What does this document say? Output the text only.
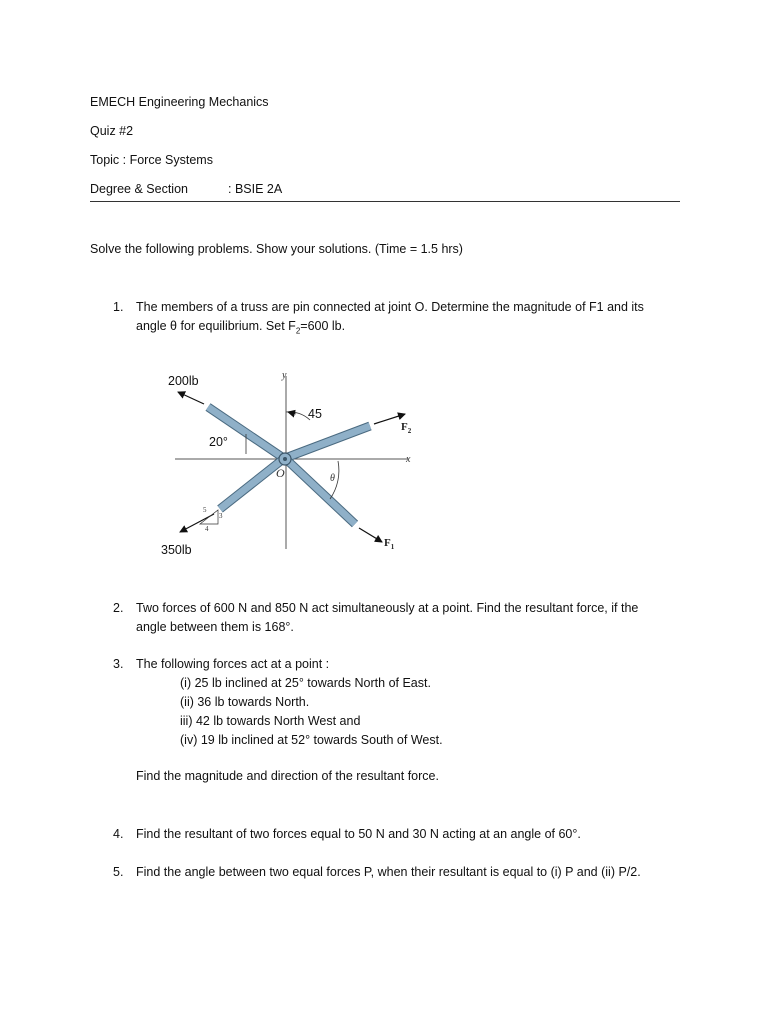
EMECH Engineering Mechanics
Quiz #2
Topic : Force Systems
Degree & Section	: BSIE 2A
Solve the following problems. Show your solutions. (Time = 1.5 hrs)
1. The members of a truss are pin connected at joint O. Determine the magnitude of F1 and its
angle θ for equilibrium. Set $F_2=600$ lb.
200lb
350lb
45
20°
y
x
O	θ
$F_2$
$F_1$
5
4
3
2. Two forces of 600 N and 850 N act simultaneously at a point. Find the resultant force, if the
angle between them is 168°.
3. The following forces act at a point :
(i) 25 lb inclined at 25° towards North of East.
(ii) 36 lb towards North.
iii) 42 lb towards North West and
(iv) 19 lb inclined at 52° towards South of West.
Find the magnitude and direction of the resultant force.
4. Find the resultant of two forces equal to 50 N and 30 N acting at an angle of 60°.
5. Find the angle between two equal forces P, when their resultant is equal to (i) P and (ii) P/2.
